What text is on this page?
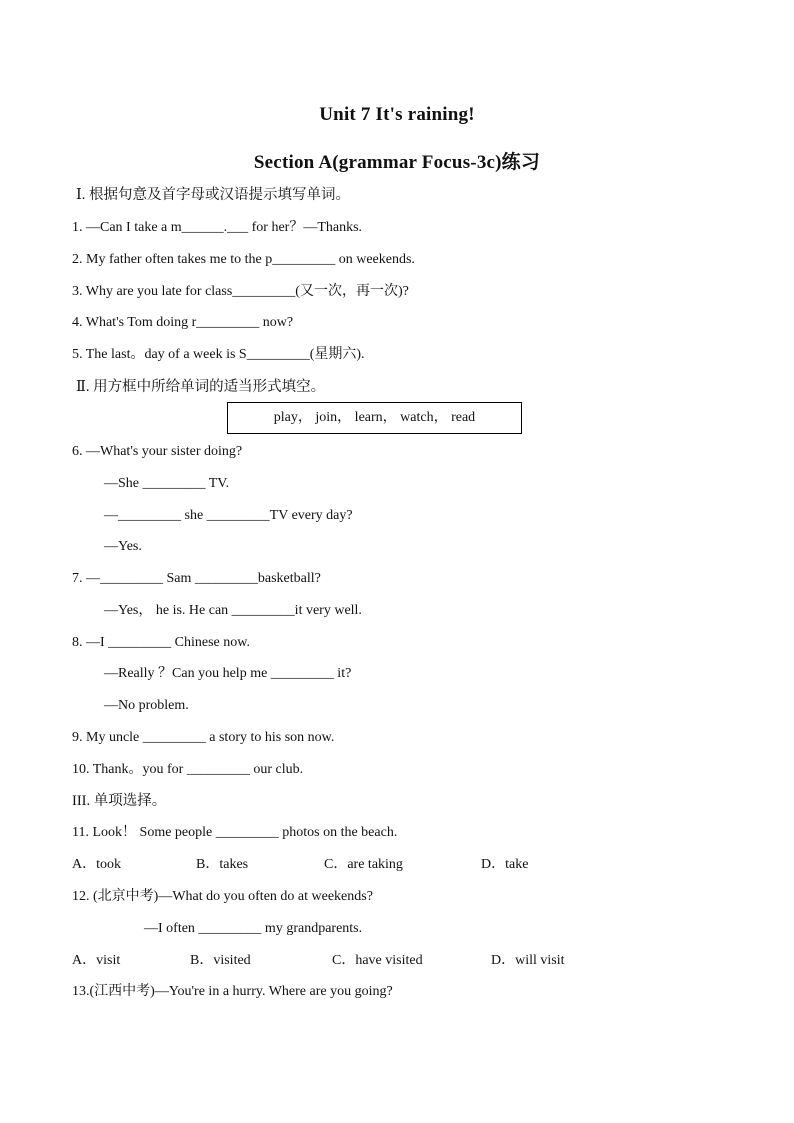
Unit 7 It's raining!
Section A(grammar Focus-3c)练习
Ⅰ. 根据句意及首字母或汉语提示填写单词。
1. —Can I take a m______.___ for her？—Thanks.
2. My father often takes me to the p_________ on weekends.
3. Why are you late for class_________(又一次，再一次)?
4. What's Tom doing r_________ now?
5. The last。day of a week is S_________(星期六).
Ⅱ. 用方框中所给单词的适当形式填空。
play， join， learn， watch， read
6. —What's your sister doing?
—She _________ TV.
—_________ she _________TV every day?
—Yes.
7. —_________ Sam _________basketball?
—Yes， he is. He can _________it very well.
8. —I _________ Chinese now.
—Really ？Can you help me _________ it?
—No problem.
9. My uncle _________ a story to his son now.
10. Thank。you for _________ our club.
III. 单项选择。
11. Look！ Some people _________ photos on the beach.
A．took	B．takes	C．are taking	D．take
12. (北京中考)—What do you often do at weekends?
—I often _________ my grandparents.
A．visit	B．visited	C．have visited	D．will visit
13.(江西中考)—You're in a hurry. Where are you going?
